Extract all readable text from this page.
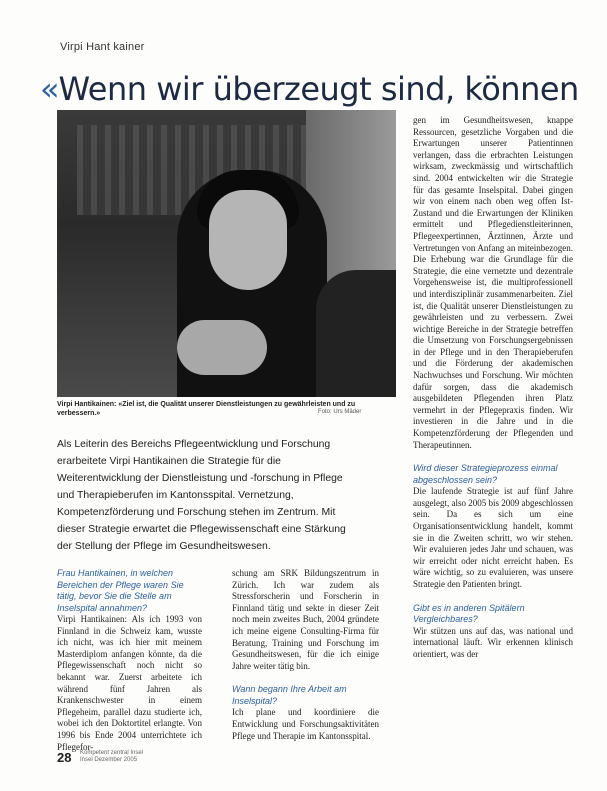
Virpi Hant kainer
«Wenn wir überzeugt sind, können
Virpi Hantikainen: «Ziel ist, die Qualität unserer Dienstleistungen zu gewährleisten und zu verbessern.»	Foto: Urs Mäder
Als Leiterin des Bereichs Pflegeentwicklung und Forschung erarbeitete Virpi Hantikainen die Strategie für die Weiterentwicklung der Dienstleistung und -forschung in Pflege und Therapieberufen im Kantonsspital. Vernetzung, Kompetenzförderung und Forschung stehen im Zentrum. Mit dieser Strategie erwartet die Pflegewissenschaft eine Stärkung der Stellung der Pflege im Gesundheitswesen.

Frau Hantikainen, in welchen Bereichen der Pflege waren Sie tätig, bevor Sie die Stelle am Inselspital annahmen?

Virpi Hantikainen: Als ich 1993 von Finnland in die Schweiz kam, wusste ich nicht, was ich hier mit meinem Masterdiplom anfangen könnte, da die Pflegewissenschaft noch nicht so bekannt war. Zuerst arbeitete ich während fünf Jahren als Krankenschwester in einem Pflegeheim, parallel dazu studierte ich, wobei ich den Doktortitel erlangte. Von 1996 bis Ende 2004 unterrichtete ich Pflegefor-

schung am SRK Bildungszentrum in Zürich. Ich war zudem als Stressforscherin und Forscherin in Finnland tätig und sekte in dieser Zeit noch mein zweites Buch, 2004 gründete ich meine eigene Consulting-Firma für Beratung, Training und Forschung im Gesundheitswesen, für die ich einige Jahre weiter tätig bin.

Wann begann Ihre Arbeit am Inselspital?

Ich plane und koordiniere die Entwicklung und Forschungsaktivitäten Pflege und Therapie im Kantonsspital.

gen im Gesundheitswesen, knappe Ressourcen, gesetzliche Vorgaben und die Erwartungen unserer Patientinnen verlangen, dass die erbrachten Leistungen wirksam, zweckmässig und wirtschaftlich sind. 2004 entwickelten wir die Strategie für das gesamte Inselspital. Dabei gingen wir von einem nach oben weg offen Ist-Zustand und die Erwartungen der Kliniken ermittelt und Pflegedienstleiterinnen, Pflegeexpertinnen, Ärztinnen, Ärzte und Vertretungen von Anfang an miteinbezogen. Die Erhebung war die Grundlage für die Strategie, die eine vernetzte und dezentrale Vorgehensweise ist, die multiprofessionell und interdisziplinär zusammenarbeiten. Ziel ist, die Qualität unserer Dienstleistungen zu gewährleisten und zu verbessern. Zwei wichtige Bereiche in der Strategie betreffen die Umsetzung von Forschungsergebnissen in der Pflege und in den Therapieberufen und die Förderung der akademischen Nachwuchses und Forschung. Wir möchten dafür sorgen, dass die akademisch ausgebildeten Pflegenden ihren Platz vermehrt in der Pflegepraxis finden. Wir investieren in die Jahre und in die Kompetenzförderung der Pflegenden und Therapeutinnen.

Wird dieser Strategieprozess einmal abgeschlossen sein?

Die laufende Strategie ist auf fünf Jahre ausgelegt, also 2005 bis 2009 abgeschlossen sein. Da es sich um eine Organisationsentwicklung handelt, kommt sie in die Zweiten schritt, wo wir stehen. Wir evaluieren jedes Jahr und schauen, was wir erreicht oder nicht erreicht haben. Es wäre wichtig, so zu evaluieren, was unsere Strategie den Patienten bringt.

Gibt es in anderen Spitälern Vergleichbares?

Wir stützen uns auf das, was national und international läuft. Wir erkennen klinisch orientiert, was der

28 Kompetent zentral Insel
Insel Dezember 2005
